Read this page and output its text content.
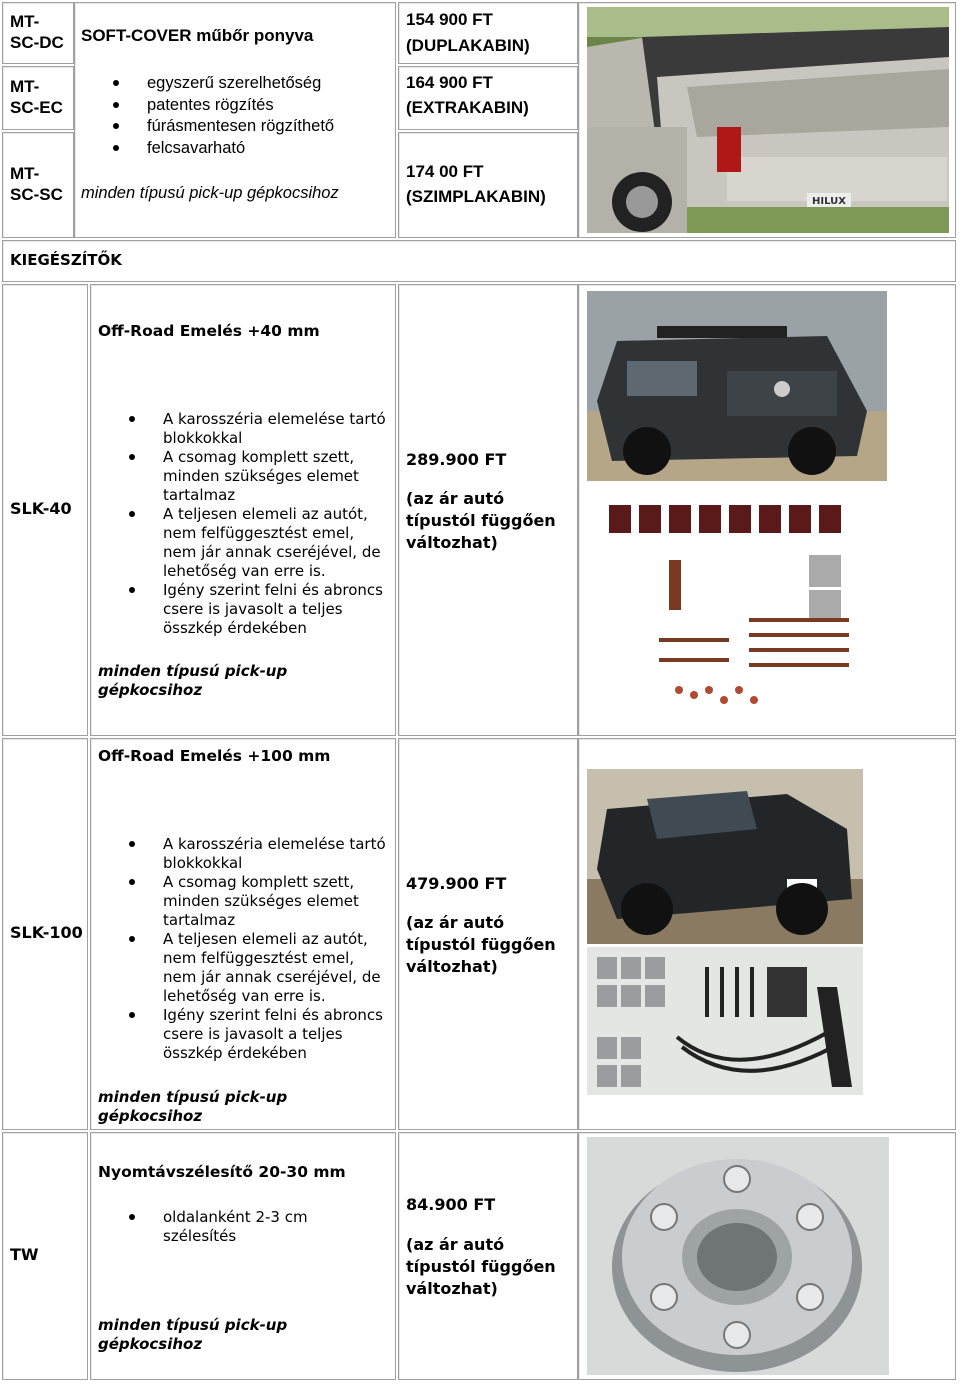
MT-
SC-DC
MT-
SC-EC
MT-
SC-SC
SOFT-COVER műbőr ponyva
egyszerű szerelhetőség
patentes rögzítés
fúrásmentesen rögzíthető
felcsavarható
minden típusú pick-up gépkocsihoz
154 900 FT
(DUPLAKABIN)
164 900 FT
(EXTRAKABIN)
174 00 FT
(SZIMPLAKABIN)	HILUX
KIEGÉSZÍTŐK
SLK-40
Off-Road Emelés +40 mm
A karosszéria elemelése tartó blokkokkal
A csomag komplett szett, minden szükséges elemet tartalmaz
A teljesen elemeli az autót, nem felfüggesztést emel, nem jár annak cseréjével, de lehetőség van erre is.
Igény szerint felni és abroncs csere is javasolt a teljes összkép érdekében
minden típusú pick-up gépkocsihoz
289.900 FT
(az ár autó típustól függően változhat)
SLK-100
Off-Road Emelés +100 mm
A karosszéria elemelése tartó blokkokkal
A csomag komplett szett, minden szükséges elemet tartalmaz
A teljesen elemeli az autót, nem felfüggesztést emel, nem jár annak cseréjével, de lehetőség van erre is.
Igény szerint felni és abroncs csere is javasolt a teljes összkép érdekében
minden típusú pick-up gépkocsihoz
479.900 FT
(az ár autó típustól függően változhat)
TW
Nyomtávszélesítő 20-30 mm
oldalanként 2-3 cm szélesítés
minden típusú pick-up gépkocsihoz
84.900 FT
(az ár autó típustól függően változhat)
